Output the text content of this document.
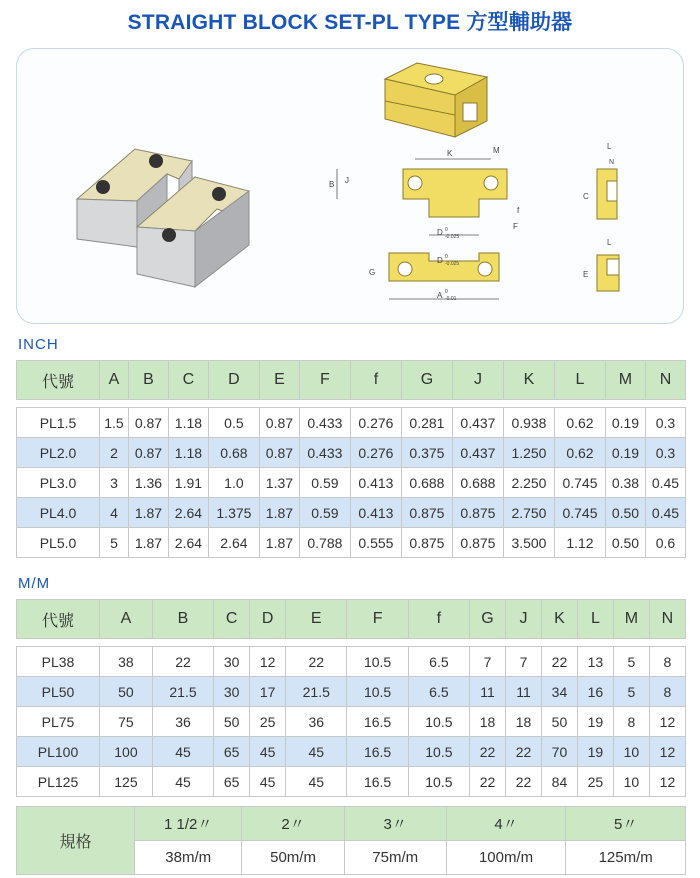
STRAIGHT BLOCK SET-PL TYPE 方型輔助器
K	M
B J
f
F
D 0
-0.025
D 0
-0.025
G
A 0
-0.01
L
N
C
L
E
INCH
代號	A	B	C	D	E	F	f	G	J	K	L	M	N

PL1.5	1.5	0.87	1.18	0.5	0.87	0.433	0.276	0.281	0.437	0.938	0.62	0.19	0.3
PL2.0	2	0.87	1.18	0.68	0.87	0.433	0.276	0.375	0.437	1.250	0.62	0.19	0.3
PL3.0	3	1.36	1.91	1.0	1.37	0.59	0.413	0.688	0.688	2.250	0.745	0.38	0.45
PL4.0	4	1.87	2.64	1.375	1.87	0.59	0.413	0.875	0.875	2.750	0.745	0.50	0.45
PL5.0	5	1.87	2.64	2.64	1.87	0.788	0.555	0.875	0.875	3.500	1.12	0.50	0.6
M/M
代號	A	B	C	D	E	F	f	G	J	K	L	M	N

PL38	38	22	30	12	22	10.5	6.5	7	7	22	13	5	8
PL50	50	21.5	30	17	21.5	10.5	6.5	11	11	34	16	5	8
PL75	75	36	50	25	36	16.5	10.5	18	18	50	19	8	12
PL100	100	45	65	45	45	16.5	10.5	22	22	70	19	10	12
PL125	125	45	65	45	45	16.5	10.5	22	22	84	25	10	12
規格	1 1/2〃	2〃	3〃	4〃	5〃
	38m/m	50m/m	75m/m	100m/m	125m/m
